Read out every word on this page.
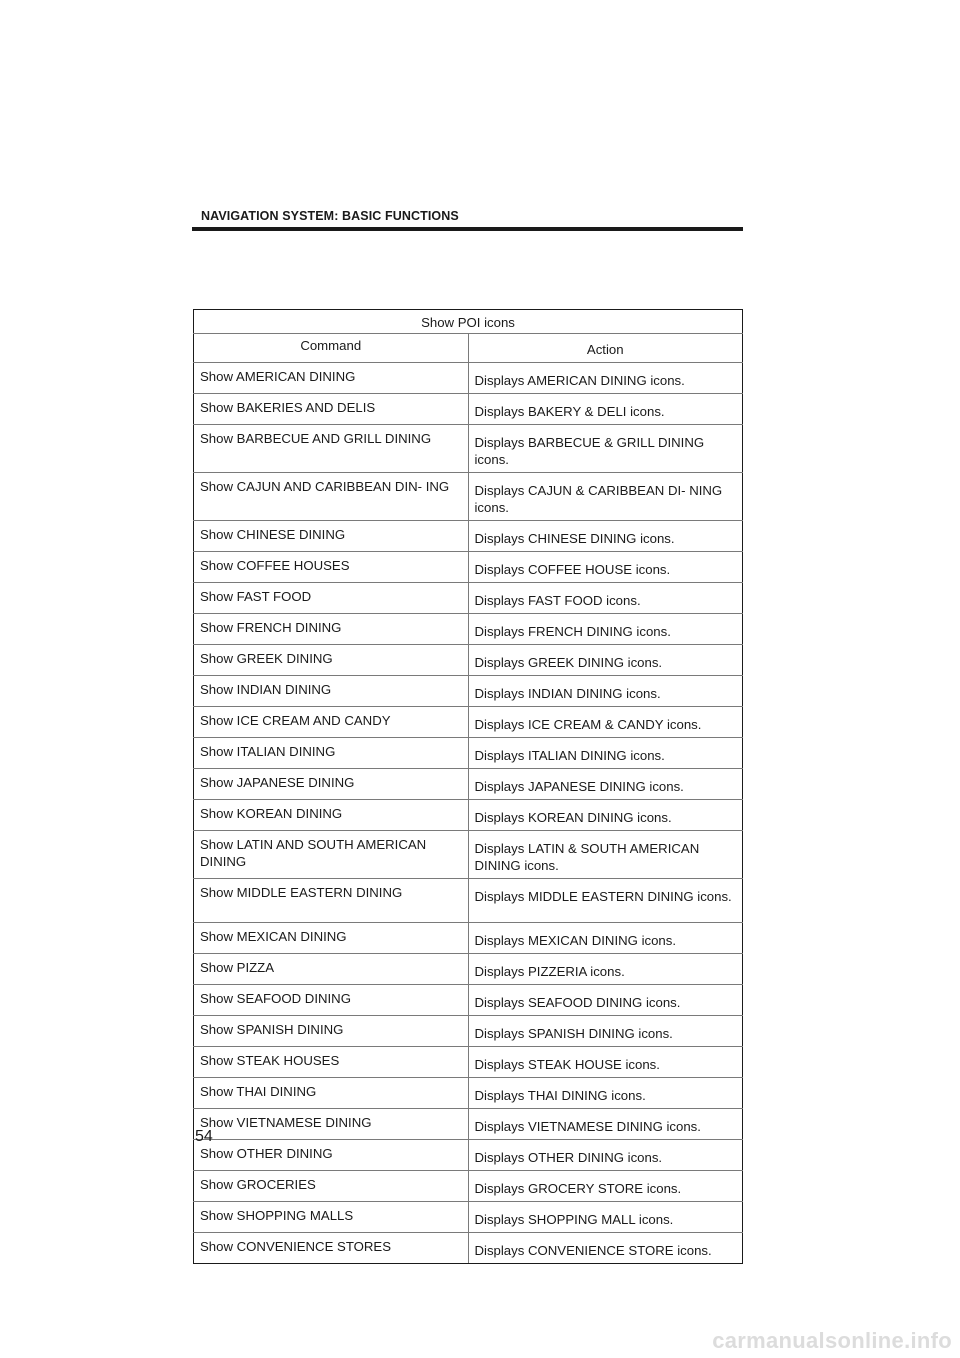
NAVIGATION SYSTEM: BASIC FUNCTIONS
Show POI icons	
Command	Action
Show AMERICAN DINING	Displays AMERICAN DINING icons.
Show BAKERIES AND DELIS	Displays BAKERY & DELI icons.
Show BARBECUE AND GRILL DINING	Displays BARBECUE & GRILL DINING icons.
Show CAJUN AND CARIBBEAN DIN- ING	Displays CAJUN & CARIBBEAN DI- NING icons.
Show CHINESE DINING	Displays CHINESE DINING icons.
Show COFFEE HOUSES	Displays COFFEE HOUSE icons.
Show FAST FOOD	Displays FAST FOOD icons.
Show FRENCH DINING	Displays FRENCH DINING icons.
Show GREEK DINING	Displays GREEK DINING icons.
Show INDIAN DINING	Displays INDIAN DINING icons.
Show ICE CREAM AND CANDY	Displays ICE CREAM & CANDY icons.
Show ITALIAN DINING	Displays ITALIAN DINING icons.
Show JAPANESE DINING	Displays JAPANESE DINING icons.
Show KOREAN DINING	Displays KOREAN DINING icons.
Show LATIN AND SOUTH AMERICAN DINING	Displays LATIN & SOUTH AMERICAN DINING icons.
Show MIDDLE EASTERN DINING	Displays MIDDLE EASTERN DINING icons.
Show MEXICAN DINING	Displays MEXICAN DINING icons.
Show PIZZA	Displays PIZZERIA icons.
Show SEAFOOD DINING	Displays SEAFOOD DINING icons.
Show SPANISH DINING	Displays SPANISH DINING icons.
Show STEAK HOUSES	Displays STEAK HOUSE icons.
Show THAI DINING	Displays THAI DINING icons.
Show VIETNAMESE DINING	Displays VIETNAMESE DINING icons.
Show OTHER DINING	Displays OTHER DINING icons.
Show GROCERIES	Displays GROCERY STORE icons.
Show SHOPPING MALLS	Displays SHOPPING MALL icons.
Show CONVENIENCE STORES	Displays CONVENIENCE STORE icons.
54
carmanualsonline.info
